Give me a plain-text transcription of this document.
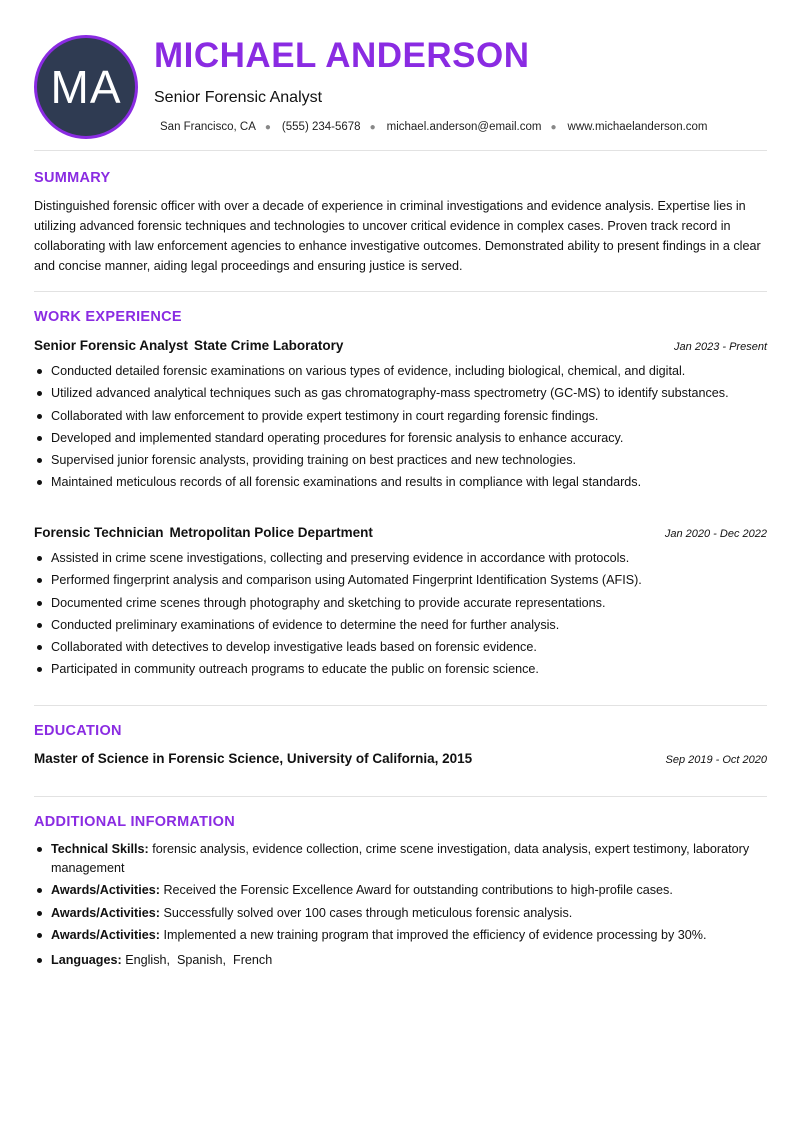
MA
MICHAEL ANDERSON
Senior Forensic Analyst
San Francisco, CA ● (555) 234-5678 ● michael.anderson@email.com ● www.michaelanderson.com
SUMMARY

Distinguished forensic officer with over a decade of experience in criminal investigations and evidence analysis. Expertise lies in utilizing advanced forensic techniques and technologies to uncover critical evidence in complex cases. Proven track record in collaborating with law enforcement agencies to enhance investigative outcomes. Demonstrated ability to present findings in a clear and concise manner, aiding legal proceedings and ensuring justice is served.

WORK EXPERIENCE
Senior Forensic Analyst State Crime Laboratory	Jan 2023 - Present
Conducted detailed forensic examinations on various types of evidence, including biological, chemical, and digital.
Utilized advanced analytical techniques such as gas chromatography-mass spectrometry (GC-MS) to identify substances.
Collaborated with law enforcement to provide expert testimony in court regarding forensic findings.
Developed and implemented standard operating procedures for forensic analysis to enhance accuracy.
Supervised junior forensic analysts, providing training on best practices and new technologies.
Maintained meticulous records of all forensic examinations and results in compliance with legal standards.
Forensic Technician Metropolitan Police Department	Jan 2020 - Dec 2022
Assisted in crime scene investigations, collecting and preserving evidence in accordance with protocols.
Performed fingerprint analysis and comparison using Automated Fingerprint Identification Systems (AFIS).
Documented crime scenes through photography and sketching to provide accurate representations.
Conducted preliminary examinations of evidence to determine the need for further analysis.
Collaborated with detectives to develop investigative leads based on forensic evidence.
Participated in community outreach programs to educate the public on forensic science.
EDUCATION
Master of Science in Forensic Science, University of California, 2015	Sep 2019 - Oct 2020
ADDITIONAL INFORMATION
Technical Skills: forensic analysis, evidence collection, crime scene investigation, data analysis, expert testimony, laboratory management
Awards/Activities: Received the Forensic Excellence Award for outstanding contributions to high-profile cases.
Awards/Activities: Successfully solved over 100 cases through meticulous forensic analysis.
Awards/Activities: Implemented a new training program that improved the efficiency of evidence processing by 30%.
Languages: English,  Spanish,  French
